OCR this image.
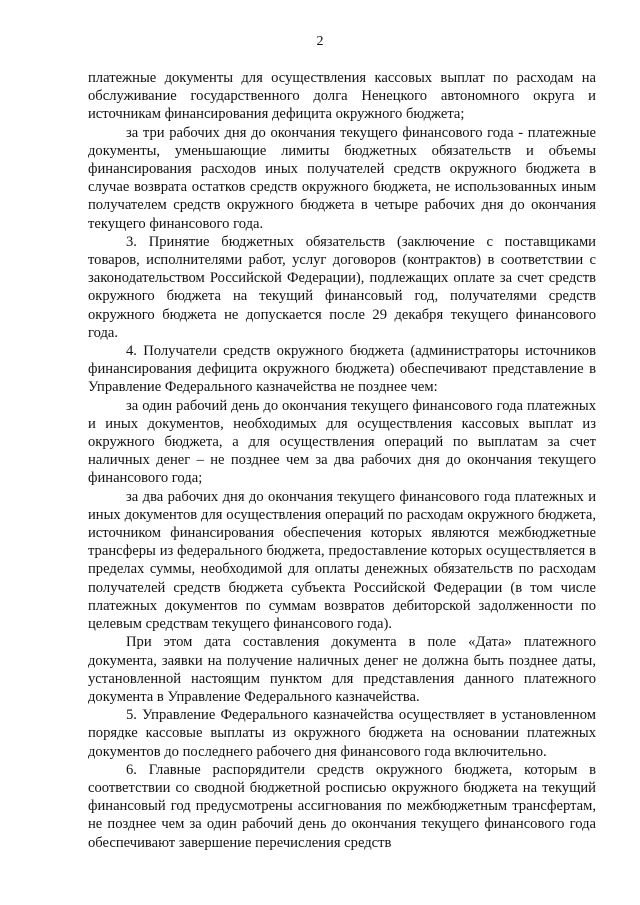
2

платежные документы для осуществления кассовых выплат по расходам на обслуживание государственного долга Ненецкого автономного округа и источникам финансирования дефицита окружного бюджета;

за три рабочих дня до окончания текущего финансового года - платежные документы, уменьшающие лимиты бюджетных обязательств и объемы финансирования расходов иных получателей средств окружного бюджета в случае возврата остатков средств окружного бюджета, не использованных иным получателем средств окружного бюджета в четыре рабочих дня до окончания текущего финансового года.

3. Принятие бюджетных обязательств (заключение с поставщиками товаров, исполнителями работ, услуг договоров (контрактов) в соответствии с законодательством Российской Федерации), подлежащих оплате за счет средств окружного бюджета на текущий финансовый год, получателями средств окружного бюджета не допускается после 29 декабря текущего финансового года.

4. Получатели средств окружного бюджета (администраторы источников финансирования дефицита окружного бюджета) обеспечивают представление в Управление Федерального казначейства не позднее чем:

за один рабочий день до окончания текущего финансового года платежных и иных документов, необходимых для осуществления кассовых выплат из окружного бюджета, а для осуществления операций по выплатам за счет наличных денег – не позднее чем за два рабочих дня до окончания текущего финансового года;

за два рабочих дня до окончания текущего финансового года платежных и иных документов для осуществления операций по расходам окружного бюджета, источником финансирования обеспечения которых являются межбюджетные трансферы из федерального бюджета, предоставление которых осуществляется в пределах суммы, необходимой для оплаты денежных обязательств по расходам получателей средств бюджета субъекта Российской Федерации (в том числе платежных документов по суммам возвратов дебиторской задолженности по целевым средствам текущего финансового года).

При этом дата составления документа в поле «Дата» платежного документа, заявки на получение наличных денег не должна быть позднее даты, установленной настоящим пунктом для представления данного платежного документа в Управление Федерального казначейства.

5. Управление Федерального казначейства осуществляет в установленном порядке кассовые выплаты из окружного бюджета на основании платежных документов до последнего рабочего дня финансового года включительно.

6. Главные распорядители средств окружного бюджета, которым в соответствии со сводной бюджетной росписью окружного бюджета на текущий финансовый год предусмотрены ассигнования по межбюджетным трансфертам, не позднее чем за один рабочий день до окончания текущего финансового года обеспечивают завершение перечисления средств
